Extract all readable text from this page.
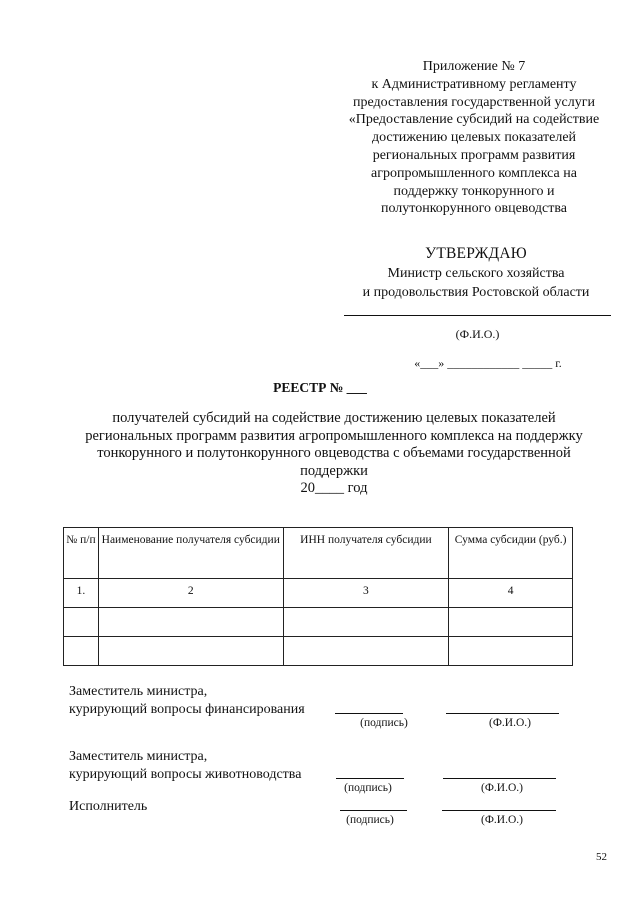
Приложение № 7
к Административному регламенту
предоставления государственной услуги
«Предоставление субсидий на содействие
достижению целевых показателей
региональных программ развития
агропромышленного комплекса на
поддержку тонкорунного и
полутонкорунного овцеводства
УТВЕРЖДАЮ
Министр сельского хозяйства
и продовольствия Ростовской области
(Ф.И.О.)
«___» ____________ _____ г.
РЕЕСТР № ___
получателей субсидий на содействие достижению целевых показателей
региональных программ развития агропромышленного комплекса на поддержку
тонкорунного и полутонкорунного овцеводства с объемами государственной
поддержки
20____ год
№ п/п	Наименование получателя субсидии	ИНН получателя субсидии	Сумма субсидии (руб.)
1.	2	3	4

Заместитель министра,
курирующий вопросы финансирования
(подпись)	(Ф.И.О.)
Заместитель министра,
курирующий вопросы животноводства
(подпись)	(Ф.И.О.)
Исполнитель
(подпись)	(Ф.И.О.)
52
